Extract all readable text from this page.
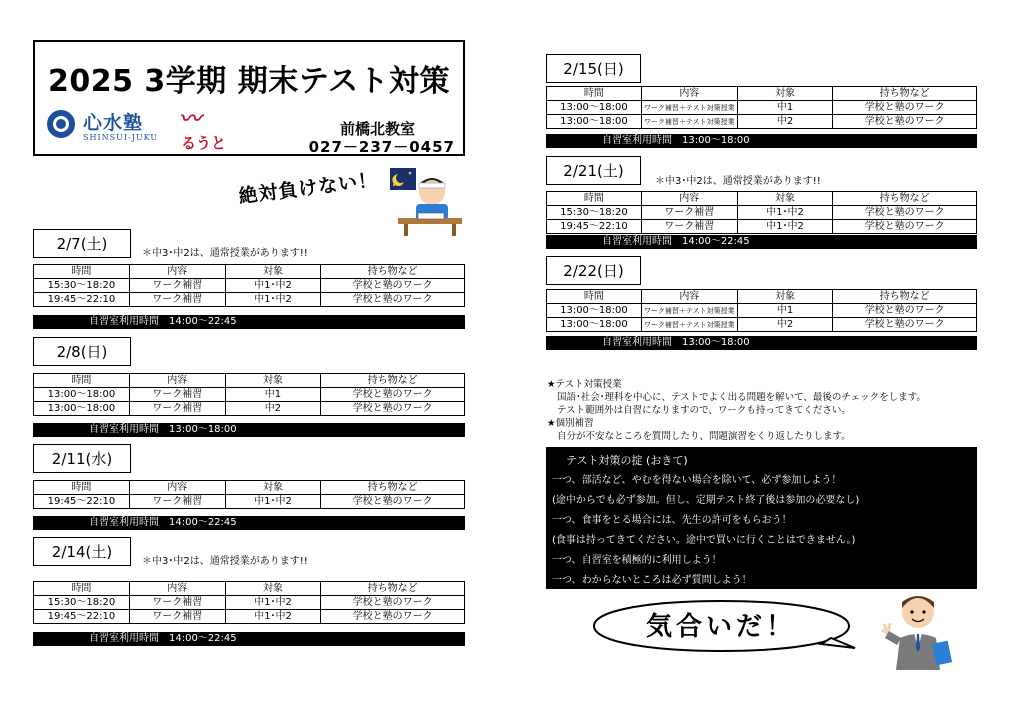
2025 3学期 期末テスト対策
心水塾
SHINSUI-JUKU
〰
るうと
前橋北教室
027－237－0457
絶対負けない！
2/7(土)
＊中3･中2は、通常授業があります!!
時間	内容	対象	持ち物など
15:30～18:20	ワーク補習	中1･中2	学校と塾のワーク
19:45～22:10	ワーク補習	中1･中2	学校と塾のワーク
自習室利用時間　14:00～22:45
2/8(日)
時間	内容	対象	持ち物など
13:00～18:00	ワーク補習	中1	学校と塾のワーク
13:00～18:00	ワーク補習	中2	学校と塾のワーク
自習室利用時間　13:00～18:00
2/11(水)
時間	内容	対象	持ち物など
19:45～22:10	ワーク補習	中1･中2	学校と塾のワーク
自習室利用時間　14:00～22:45
2/14(土)
＊中3･中2は、通常授業があります!!
時間	内容	対象	持ち物など
15:30～18:20	ワーク補習	中1･中2	学校と塾のワーク
19:45～22:10	ワーク補習	中1･中2	学校と塾のワーク
自習室利用時間　14:00～22:45
2/15(日)
時間	内容	対象	持ち物など
13:00～18:00	ワーク補習＋テスト対策授業	中1	学校と塾のワーク
13:00～18:00	ワーク補習＋テスト対策授業	中2	学校と塾のワーク
自習室利用時間　13:00～18:00
2/21(土)
＊中3･中2は、通常授業があります!!
時間	内容	対象	持ち物など
15:30～18:20	ワーク補習	中1･中2	学校と塾のワーク
19:45～22:10	ワーク補習	中1･中2	学校と塾のワーク
自習室利用時間　14:00～22:45
2/22(日)
時間	内容	対象	持ち物など
13:00～18:00	ワーク補習＋テスト対策授業	中1	学校と塾のワーク
13:00～18:00	ワーク補習＋テスト対策授業	中2	学校と塾のワーク
自習室利用時間　13:00～18:00
★テスト対策授業
国語･社会･理科を中心に、テストでよく出る問題を解いて、最後のチェックをします。
テスト範囲外は自習になりますので、ワークも持ってきてください。
★個別補習
自分が不安なところを質問したり、問題演習をくり返したりします。
テスト対策の掟 (おきて)
一つ、部活など、やむを得ない場合を除いて、必ず参加しよう！
(途中からでも必ず参加。但し、定期テスト終了後は参加の必要なし)
一つ、食事をとる場合には、先生の許可をもらおう！
(食事は持ってきてください。途中で買いに行くことはできません。)
一つ、自習室を積極的に利用しよう！
一つ、わからないところは必ず質問しよう！
気合いだ！
